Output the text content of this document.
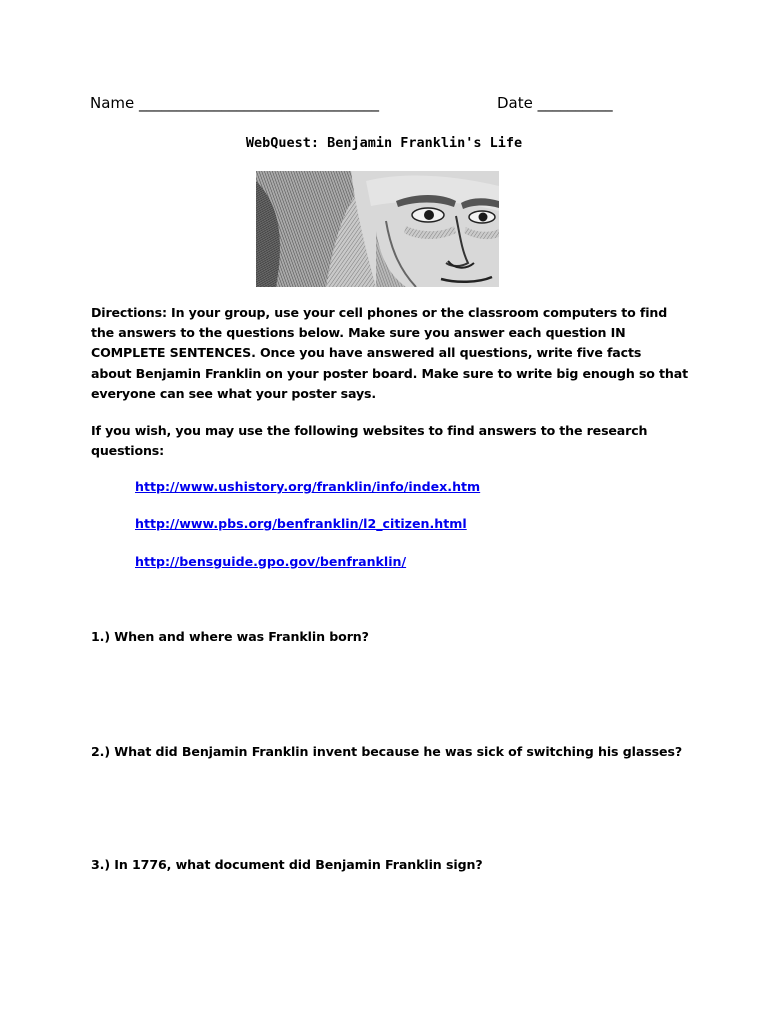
Name ________________________________	Date __________
WebQuest: Benjamin Franklin's Life
Directions: In your group, use your cell phones or the classroom computers to find
the answers to the questions below. Make sure you answer each question IN
COMPLETE SENTENCES. Once you have answered all questions, write five facts
about Benjamin Franklin on your poster board. Make sure to write big enough so that
everyone can see what your poster says.
If you wish, you may use the following websites to find answers to the research
questions:
http://www.ushistory.org/franklin/info/index.htm
http://www.pbs.org/benfranklin/l2_citizen.html
http://bensguide.gpo.gov/benfranklin/
1.) When and where was Franklin born?
2.) What did Benjamin Franklin invent because he was sick of switching his glasses?
3.) In 1776, what document did Benjamin Franklin sign?
